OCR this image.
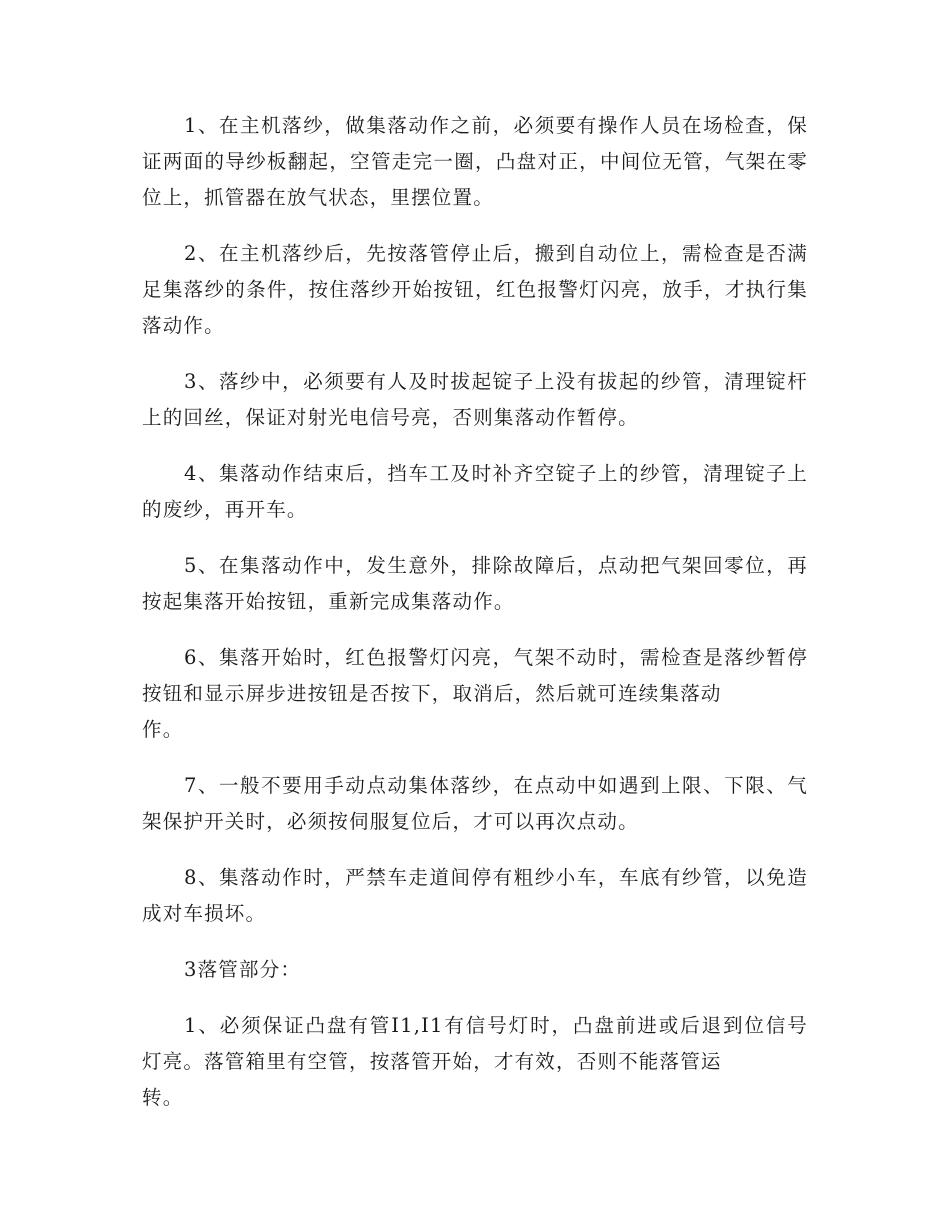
1、在主机落纱，做集落动作之前，必须要有操作人员在场检查，保证两面的导纱板翻起，空管走完一圈，凸盘对正，中间位无管，气架在零位上，抓管器在放气状态，里摆位置。

2、在主机落纱后，先按落管停止后，搬到自动位上，需检查是否满足集落纱的条件，按住落纱开始按钮，红色报警灯闪亮，放手，才执行集落动作。

3、落纱中，必须要有人及时拔起锭子上没有拔起的纱管，清理锭杆上的回丝，保证对射光电信号亮，否则集落动作暂停。

4、集落动作结束后，挡车工及时补齐空锭子上的纱管，清理锭子上的废纱，再开车。

5、在集落动作中，发生意外，排除故障后，点动把气架回零位，再按起集落开始按钮，重新完成集落动作。

6、集落开始时，红色报警灯闪亮，气架不动时，需检查是落纱暂停按钮和显示屏步进按钮是否按下，取消后，然后就可连续集落动
作。

7、一般不要用手动点动集体落纱，在点动中如遇到上限、下限、气架保护开关时，必须按伺服复位后，才可以再次点动。

8、集落动作时，严禁车走道间停有粗纱小车，车底有纱管，以免造成对车损坏。

3落管部分：

1、必须保证凸盘有管I1,I1有信号灯时，凸盘前进或后退到位信号灯亮。落管箱里有空管，按落管开始，才有效，否则不能落管运
转。
